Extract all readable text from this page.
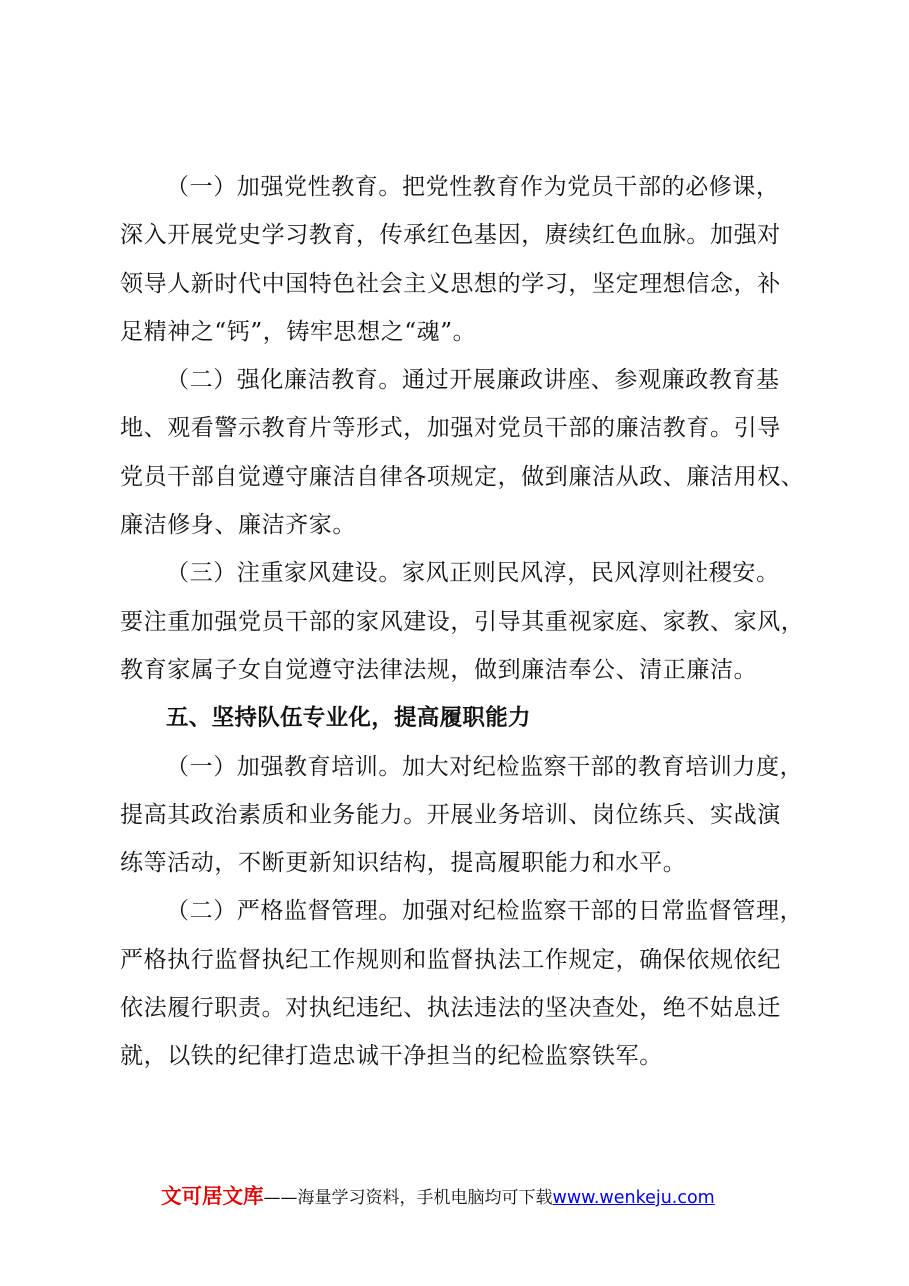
（一）加强党性教育。把党性教育作为党员干部的必修课，
深入开展党史学习教育，传承红色基因，赓续红色血脉。加强对
领导人新时代中国特色社会主义思想的学习，坚定理想信念，补
足精神之“钙”，铸牢思想之“魂”。
（二）强化廉洁教育。通过开展廉政讲座、参观廉政教育基
地、观看警示教育片等形式，加强对党员干部的廉洁教育。引导
党员干部自觉遵守廉洁自律各项规定，做到廉洁从政、廉洁用权、
廉洁修身、廉洁齐家。
（三）注重家风建设。家风正则民风淳，民风淳则社稷安。
要注重加强党员干部的家风建设，引导其重视家庭、家教、家风，
教育家属子女自觉遵守法律法规，做到廉洁奉公、清正廉洁。
五、坚持队伍专业化，提高履职能力
（一）加强教育培训。加大对纪检监察干部的教育培训力度，
提高其政治素质和业务能力。开展业务培训、岗位练兵、实战演
练等活动，不断更新知识结构，提高履职能力和水平。
（二）严格监督管理。加强对纪检监察干部的日常监督管理，
严格执行监督执纪工作规则和监督执法工作规定，确保依规依纪
依法履行职责。对执纪违纪、执法违法的坚决查处，绝不姑息迁
就，以铁的纪律打造忠诚干净担当的纪检监察铁军。
文可居文库——海量学习资料，手机电脑均可下载www.wenkeju.com
